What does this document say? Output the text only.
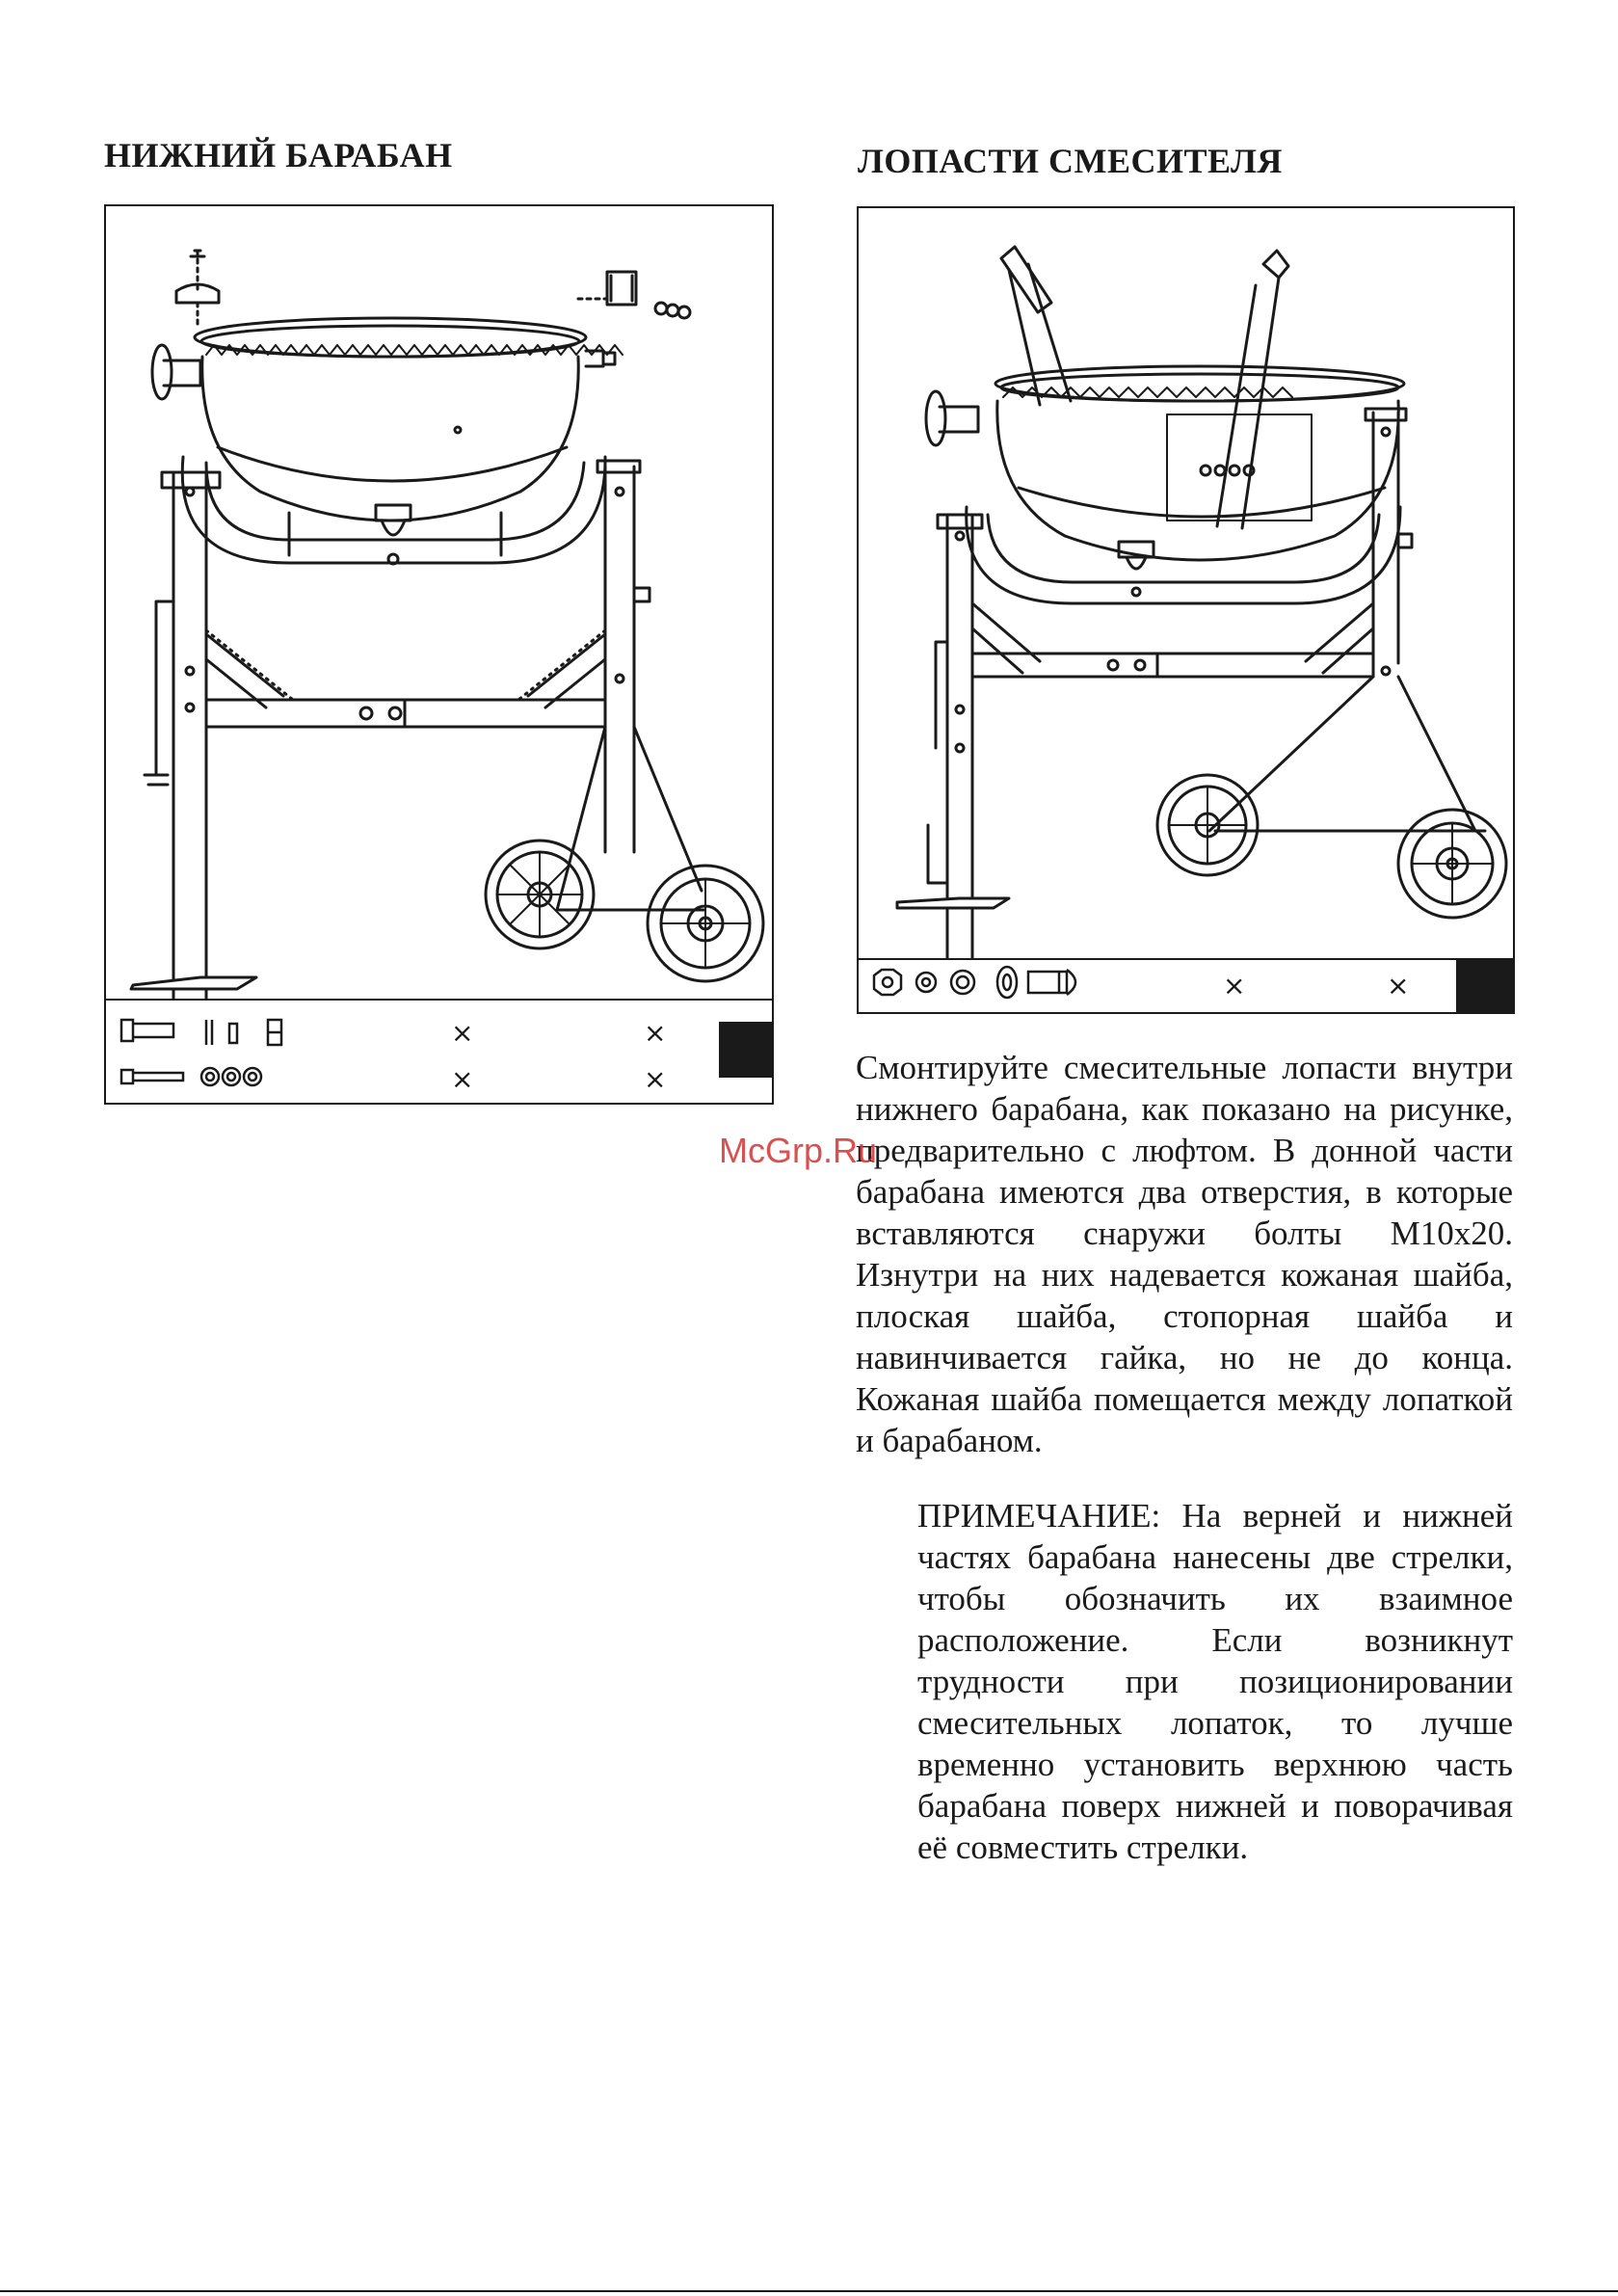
НИЖНИЙ БАРАБАН	ЛОПАСТИ СМЕСИТЕЛЯ
×	×
×	×
×	×

Смонтируйте смесительные лопасти внутри нижнего барабана, как показано на рисунке, предварительно с люфтом. В донной части барабана имеются два отверстия, в которые вставляются снаружи болты M10x20. Изнутри на них надевается кожаная шайба, плоская шайба, стопорная шайба и навинчивается гайка, но не до конца. Кожаная шайба помещается между лопаткой и барабаном.

ПРИМЕЧАНИЕ: На верней и нижней частях барабана нанесены две стрелки, чтобы обозначить их взаимное расположение. Если возникнут трудности при позиционировании смесительных лопаток, то лучше временно установить верхнюю часть барабана поверх нижней и поворачивая её совместить стрелки.

McGrp.Ru
